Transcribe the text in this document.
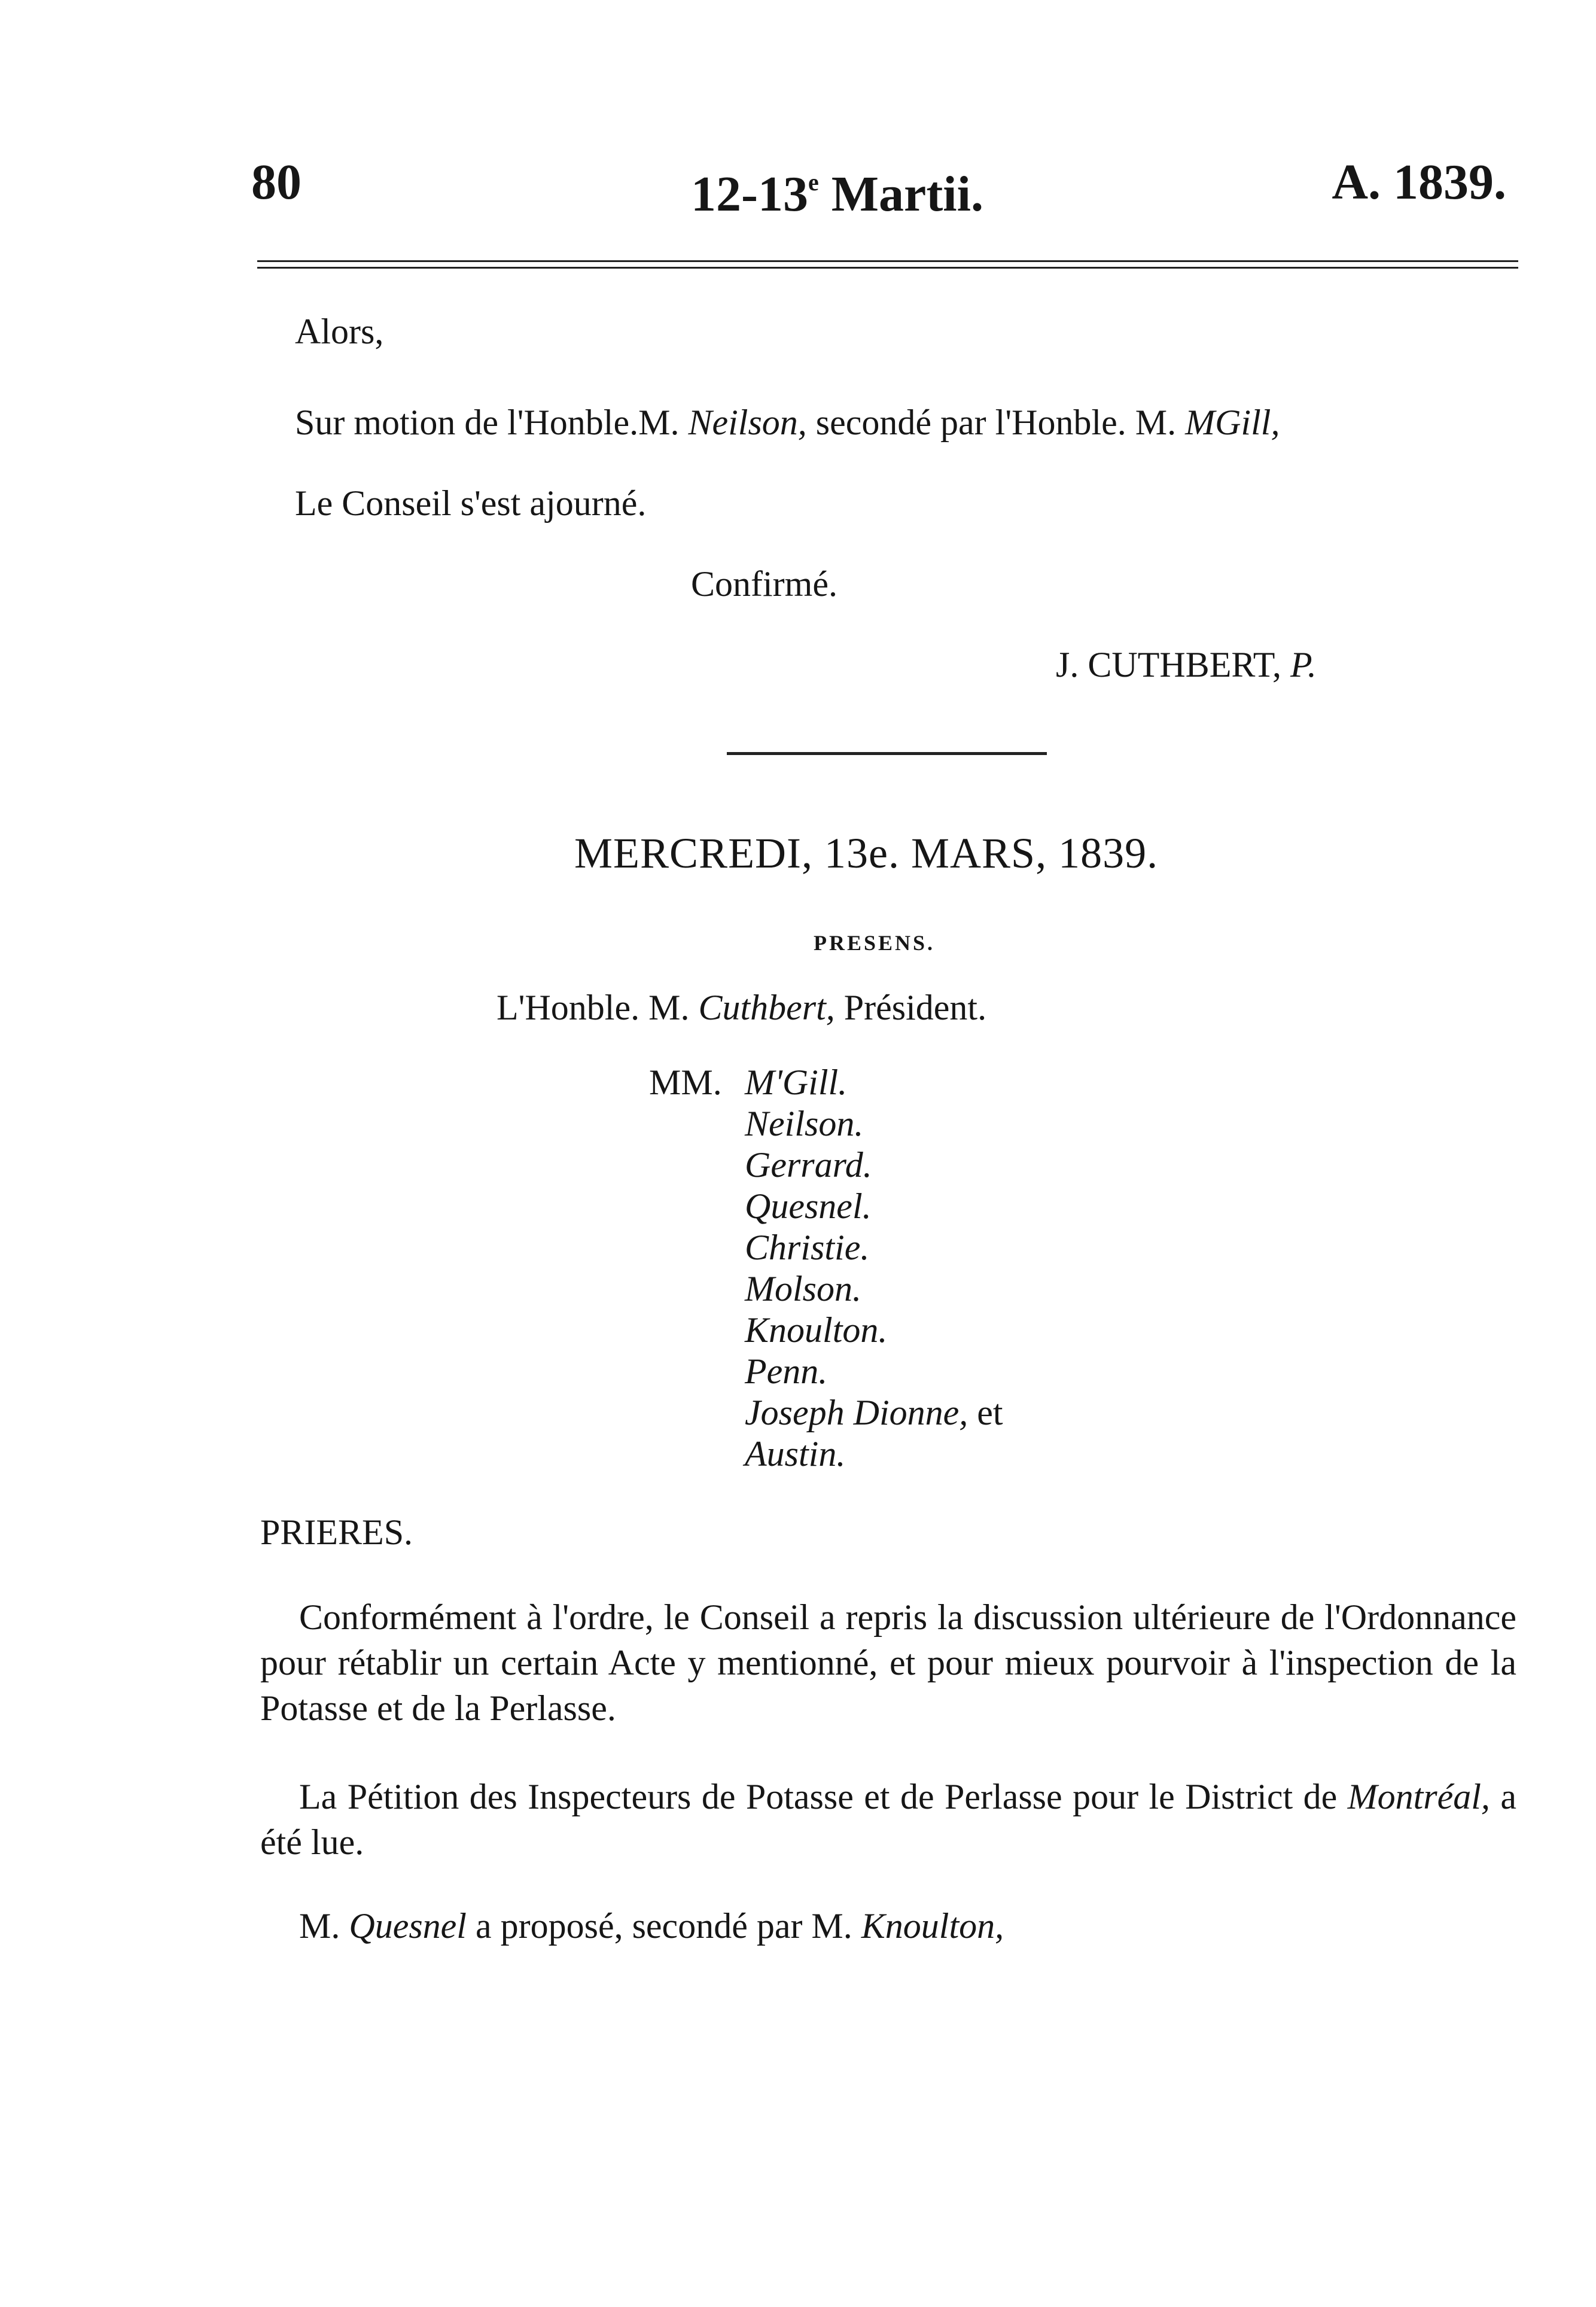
80	12-13e Martii.	A. 1839.
Alors,
Sur motion de l'Honble.M. Neilson, secondé par l'Honble. M. MGill,
Le Conseil s'est ajourné.
Confirmé.
J. CUTHBERT, P.
MERCREDI, 13e. MARS, 1839.
PRESENS.
L'Honble. M. Cuthbert, Président.
MM. M'Gill.
Neilson.
Gerrard.
Quesnel.
Christie.
Molson.
Knoulton.
Penn.
Joseph Dionne, et
Austin.
PRIERES.
Conformément à l'ordre, le Conseil a repris la discussion ultérieure de l'Ordonnance pour rétablir un certain Acte y mentionné, et pour mieux pourvoir à l'inspection de la Potasse et de la Perlasse.
La Pétition des Inspecteurs de Potasse et de Perlasse pour le District de Montréal, a été lue.
M. Quesnel a proposé, secondé par M. Knoulton,
